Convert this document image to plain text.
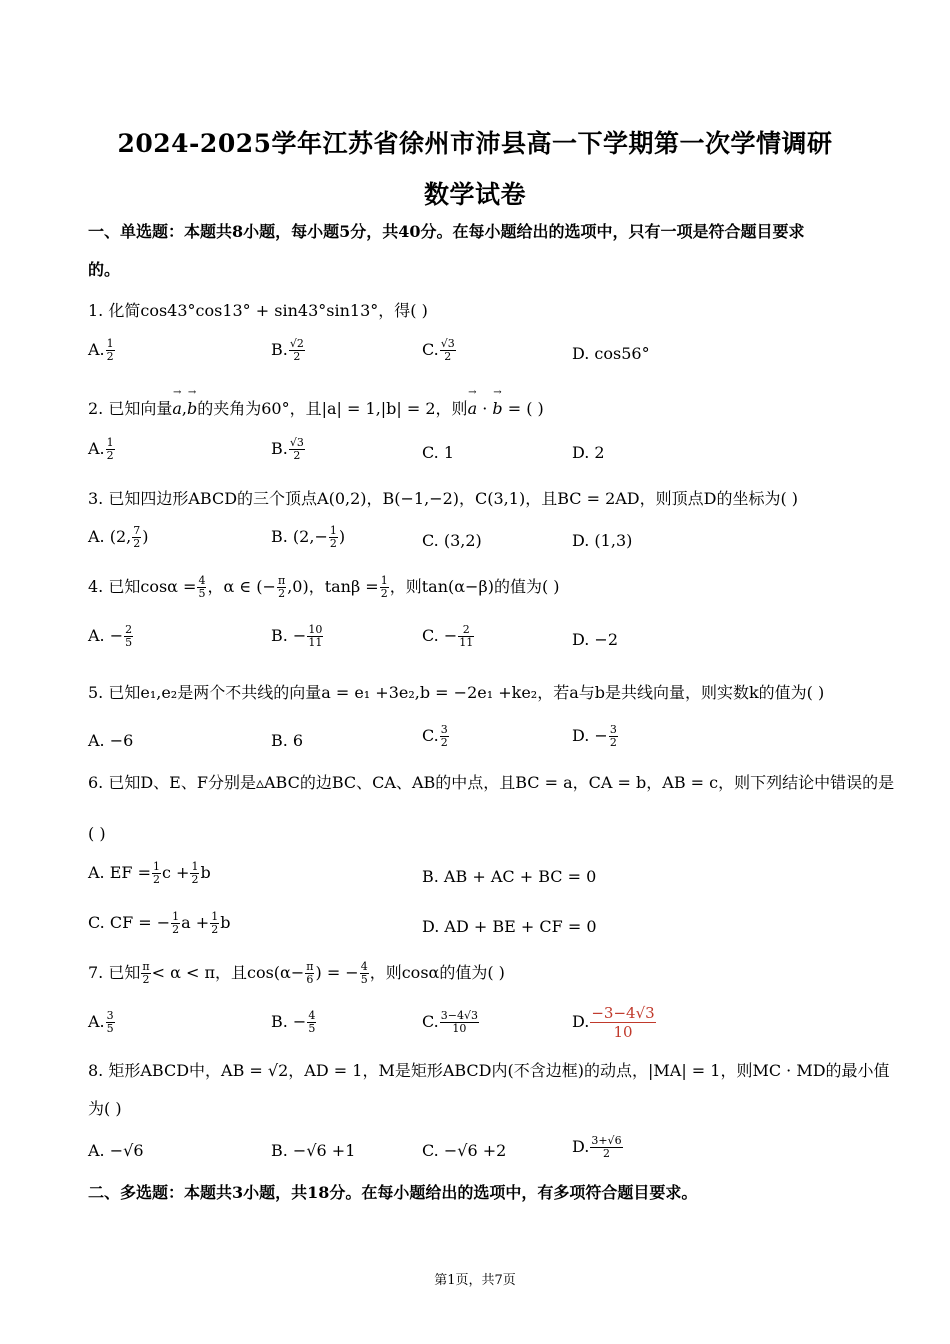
2024-2025学年江苏省徐州市沛县高一下学期第一次学情调研
数学试卷
一、单选题：本题共8小题，每小题5分，共40分。在每小题给出的选项中，只有一项是符合题目要求
的。
1. 化简cos43°cos13° + sin43°sin13°，得( )
A. $\frac{1}{2}$	B. $\frac{√2}{2}$	C. $\frac{√3}{2}$	D. cos56°
2. 已知向量→ a,→ b的夹角为60°，且|a| = 1,|b| = 2，则→ a · → b = ( )
A. $\frac{1}{2}$	B. $\frac{√3}{2}$	C. 1	D. 2
3. 已知四边形ABCD的三个顶点A(0,2)，B(−1,−2)，C(3,1)，且BC = 2AD，则顶点D的坐标为( )
A. (2, $\frac{7}{2}$ )	B. ($2,- \frac{1}{2}$ )	C. (3,2)	D. (1,3)
4. 已知$\cos\alpha = \frac{4}{5}$ ，α ∈ (− $\frac{\pi}{2} ,0$)，$\tan\beta = \frac{1}{2}$ ，则tan(α−β)的值为( )
A. − $\frac{2}{5}$	B. − $\frac{10}{11}$	C. − $\frac{2}{11}$	D. −2
5. 已知e₁,e₂是两个不共线的向量a = e₁ +3e₂,b = −2e₁ +ke₂，若a与b是共线向量，则实数k的值为( )
A. −6	B. 6	C. $\frac{3}{2}$	D. − $\frac{3}{2}$
6. 已知D、E、F分别是▵ABC的边BC、CA、AB的中点，且BC = a，CA = b，AB = c，则下列结论中错误的是
( )
A. EF = $\frac{1}{2}$ $c + \frac{1}{2}$ b	B. AB + AC + BC = 0
C. CF = − $\frac{1}{2}$ $a + \frac{1}{2}$ b	D. AD + BE + CF = 0
7. 已知 $\frac{\pi}{2} < \alpha < \pi$，且$\cos(\alpha- \frac{\pi}{6}$ ) = − $\frac{4}{5}$ ，则cosα的值为( )
A. $\frac{3}{5}$	B. − $\frac{4}{5}$	C. $\frac{3-4√3}{10}$	D. $\frac{-3-4√3}{10}$
8. 矩形ABCD中，AB = √2，AD = 1，M是矩形ABCD内(不含边框)的动点，|MA| = 1，则MC · MD的最小值
为( )
A. −√6	B. −√6 +1	C. −√6 +2	D. $\frac{3+√6}{2}$
二、多选题：本题共3小题，共18分。在每小题给出的选项中，有多项符合题目要求。
第1页，共7页
